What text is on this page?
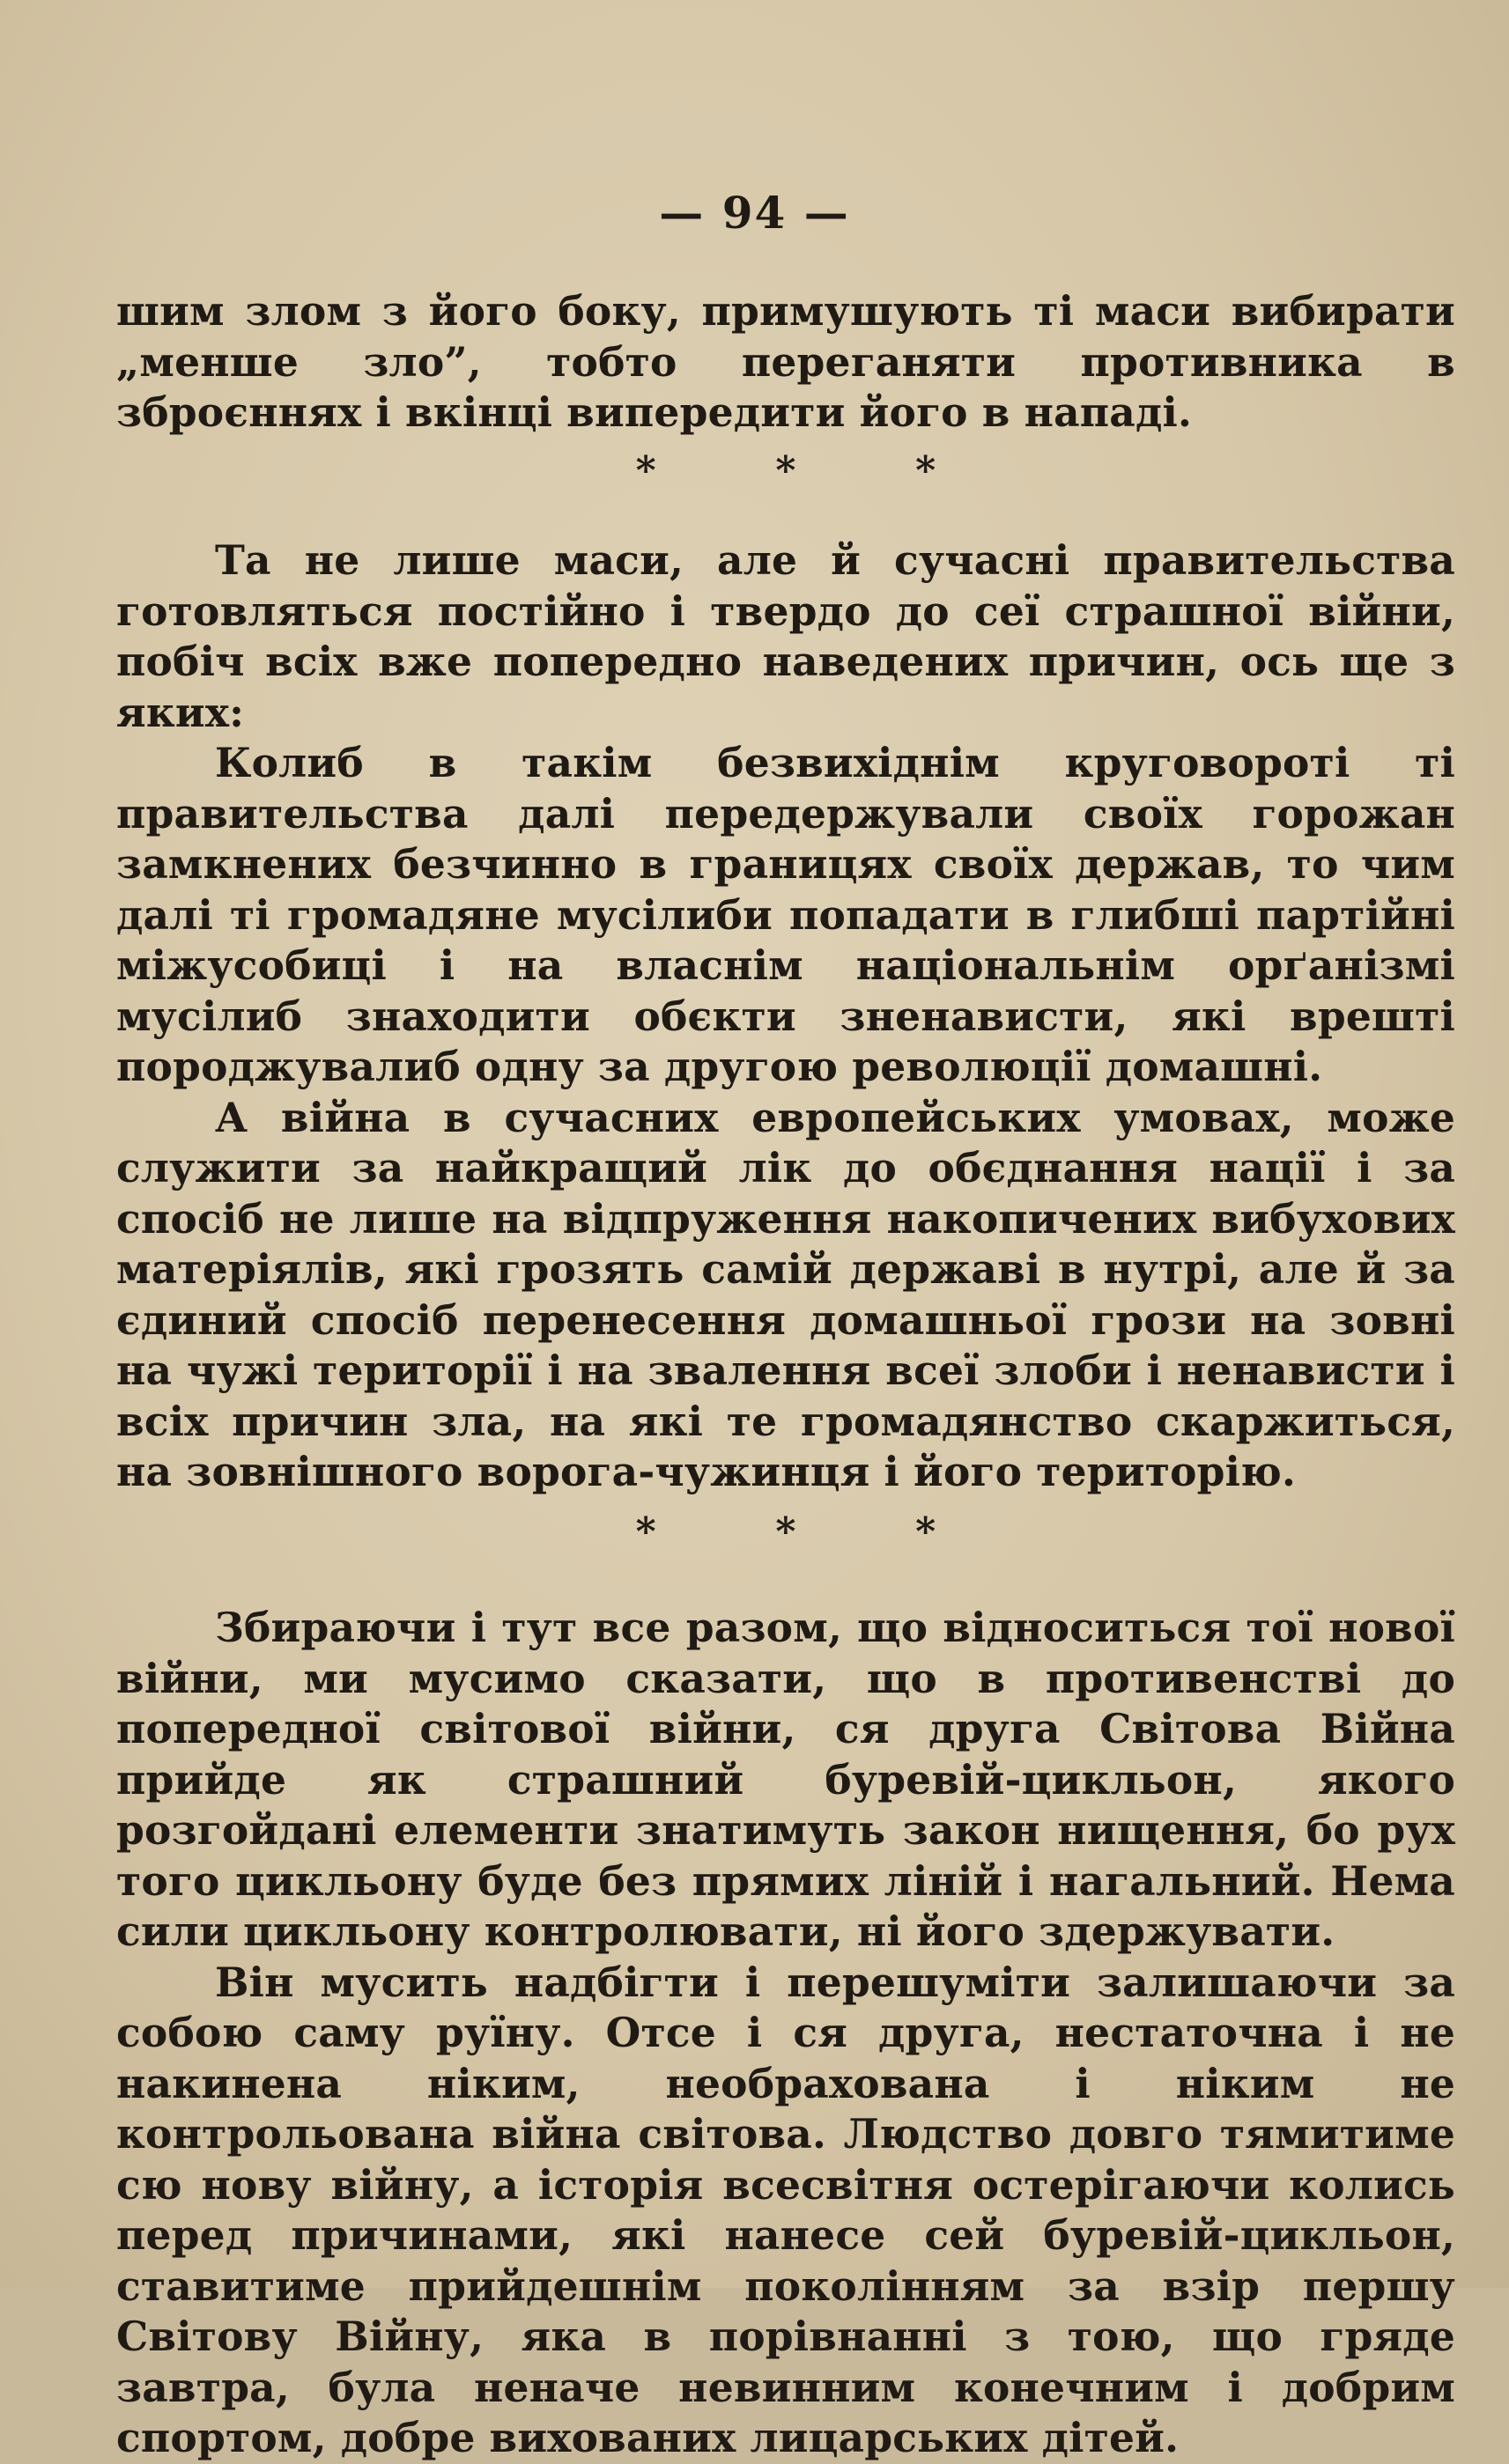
— 94 —

шим злом з його боку, примушують ті маси вибирати „менше зло”, тобто переганяти противника в зброєннях і вкінці випередити його в нападі.

* * *

Та не лише маси, але й сучасні правительства готовляться постійно і твердо до сеї страшної війни, побіч всіх вже попередно наведених причин, ось ще з яких:

Колиб в такім безвихіднім круговороті ті правительства далі передержували своїх горожан замкнених безчинно в границях своїх держав, то чим далі ті громадяне мусілиби попадати в глибші партійні міжусобиці і на власнім національнім орґанізмі мусілиб знаходити обєкти зненависти, які врешті породжувалиб одну за другою революції домашні.

А війна в сучасних европейських умовах, може служити за найкращий лік до обєднання нації і за спосіб не лише на відпруження накопичених вибухових матеріялів, які грозять самій державі в нутрі, але й за єдиний спосіб перенесення домашньої грози на зовні на чужі території і на звалення всеї злоби і ненависти і всіх причин зла, на які те громадянство скаржиться, на зовнішного ворога-чужинця і його територію.

* * *

Збираючи і тут все разом, що відноситься тої нової війни, ми мусимо сказати, що в противенстві до попередної світової війни, ся друга Світова Війна прийде як страшний буревій-цикльон, якого розгойдані елементи знатимуть закон нищення, бо рух того цикльону буде без прямих ліній і нагальний. Нема сили цикльону контролювати, ні його здержувати.

Він мусить надбігти і перешуміти залишаючи за собою саму руїну. Отсе і ся друга, нестаточна і не накинена ніким, необрахована і ніким не контрольована війна світова. Людство довго тямитиме сю нову війну, а історія всесвітня остерігаючи колись перед причинами, які нанесе сей буревій-цикльон, ставитиме прийдешнім поколінням за взір першу Світову Війну, яка в порівнанні з тою, що гряде завтра, була неначе невинним конечним і добрим спортом, добре вихованих лицарських дітей.
